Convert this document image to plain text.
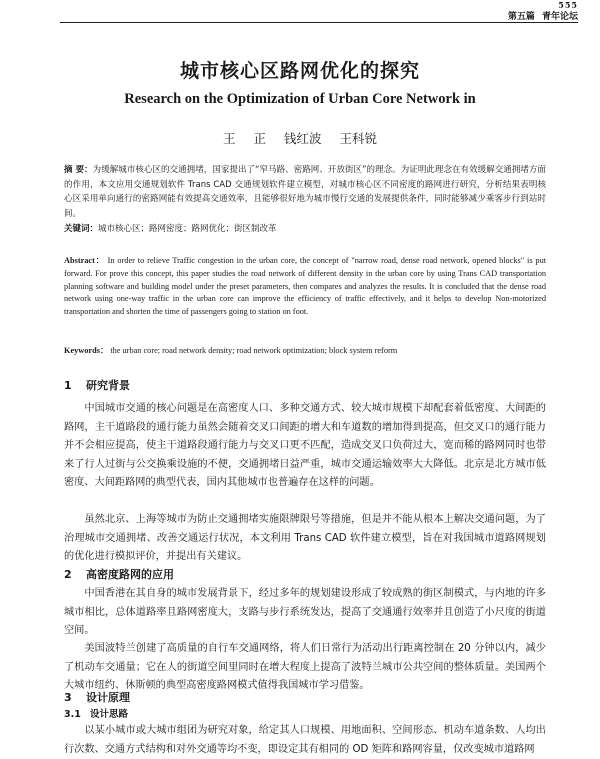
555
第五篇 青年论坛
城市核心区路网优化的探究
Research on the Optimization of Urban Core Network in
王 正 钱红波 王科锐
摘 要：为缓解城市核心区的交通拥堵，国家提出了“窄马路、密路网、开放街区”的理念。为证明此理念在有效缓解交通拥堵方面的作用，本文应用交通规划软件 Trans CAD 交通规划软件建立模型，对城市核心区不同密度的路网进行研究，分析结果表明核心区采用单向通行的密路网能有效提高交通效率，且能够很好地为城市慢行交通的发展提供条件，同时能够减少乘客步行到站时间。
关键词：城市核心区；路网密度；路网优化；街区制改革
Abstract： In order to relieve Traffic congestion in the urban core, the concept of "narrow road, dense road network, opened blocks" is put forward. For prove this concept, this paper studies the road network of different density in the urban core by using Trans CAD transportation planning software and building model under the preset parameters, then compares and analyzes the results. It is concluded that the dense road network using one-way traffic in the urban core can improve the efficiency of traffic effectively, and it helps to develop Non-motorized transportation and shorten the time of passengers going to station on foot.
Keywords： the urban core; road network density; road network optimization; block system reform
1 研究背景

中国城市交通的核心问题是在高密度人口、多种交通方式、较大城市规模下却配套着低密度、大间距的路网，主干道路段的通行能力虽然会随着交叉口间距的增大和车道数的增加得到提高，但交叉口的通行能力并不会相应提高，使主干道路段通行能力与交叉口更不匹配，造成交叉口负荷过大，宽而稀的路网同时也带来了行人过街与公交换乘设施的不便，交通拥堵日益严重，城市交通运输效率大大降低。北京是北方城市低密度、大间距路网的典型代表，国内其他城市也普遍存在这样的问题。

虽然北京、上海等城市为防止交通拥堵实施限牌限号等措施，但是并不能从根本上解决交通问题，为了治理城市交通拥堵、改善交通运行状况，本文利用 Trans CAD 软件建立模型，旨在对我国城市道路网规划的优化进行模拟评价，并提出有关建议。

2 高密度路网的应用

中国香港在其自身的城市发展背景下，经过多年的规划建设形成了较成熟的街区制模式，与内地的许多城市相比，总体道路率且路网密度大，支路与步行系统发达，提高了交通通行效率并且创造了小尺度的街道空间。

美国波特兰创建了高质量的自行车交通网络，将人们日常行为活动出行距离控制在 20 分钟以内，减少了机动车交通量；它在人的街道空间里同时在增大程度上提高了波特兰城市公共空间的整体质量。美国两个大城市纽约、休斯顿的典型高密度路网模式值得我国城市学习借鉴。

3 设计原理
3.1 设计思路

以某小城市或大城市组团为研究对象，给定其人口规模、用地面积、空间形态、机动车道条数、人均出行次数、交通方式结构和对外交通等均不变，即设定其有相同的 OD 矩阵和路网容量，仅改变城市道路网
